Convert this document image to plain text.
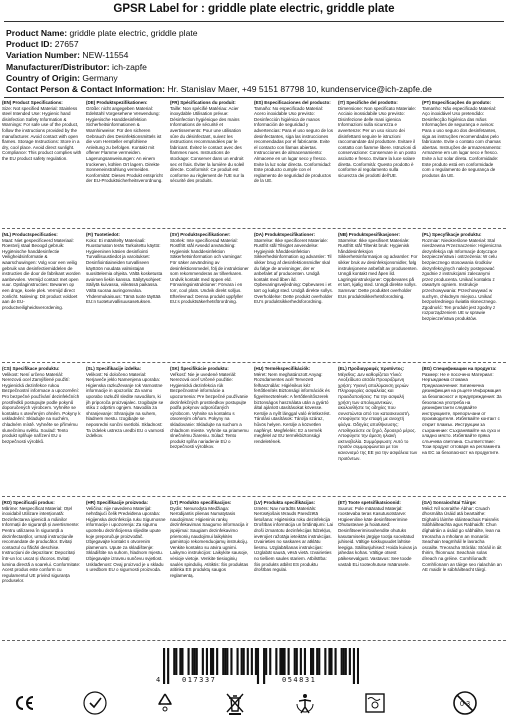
GPSR Label for : griddle plate electric, griddle plate
Product Name: griddle plate electric, griddle plate
Product ID: 27657
Variation Number: NEW-11554
Manufacturer/Distributor: ich-zapfe
Country of Origin: Germany
Contact Person & Contact Information: Hr. Stanislav Maer, +49 5151 87798 10, kundenservice@ich-zapfe.de
(EN) Product Specifications:
Size: Not specified Material: Stainless steel Intended Use: Hygienic hand disinfection Safety Information & Warnings: For safe use of the product, follow the instructions provided by the manufacturer. Avoid contact with open flames. Storage Instructions: Store in a dry, cool place. Avoid direct sunlight. Compliance: This product complies with the EU product safety regulation.
(DE) Produktspezifikationen:
Größe: nicht angegeben Material: Edelstahl Vorgesehene Verwendung: Hygienische Handdesinfektion Sicherheitsinformationen & Warnhinweise: Für den sicheren Gebrauch des Desinfektionsmittels ist die vom Hersteller empfohlene Anleitung zu befolgen. Kontakt mit offener Flamme vermeiden. Lagerungsanweisungen: An einem trockenen, kühlen Ort lagern. Direkte Sonneneinstrahlung vermeiden. Konformität: Dieses Produkt entspricht der EU-Produktsicherheitsverordnung.
(FR) Spécifications du produit:
Taille: Non spécifié Matériau: Acier inoxydable Utilisation prévue: Désinfection hygiénique des mains Informations de sécurité et avertissements: Pour une utilisation sûre du désinfectant, suivez les instructions recommandées par le fabricant. Évitez le contact avec des flammes nues. Instructions de stockage: Conserver dans un endroit sec et frais. Éviter la lumière du soleil directe. Conformité: Ce produit est conforme au règlement de l'UE sur la sécurité des produits.
(ES) Especificaciones del producto:
Tamaño: No especificado Material: Acero inoxidable Uso previsto: Desinfección higiénica de manos Información de seguridad y advertencias: Para el uso seguro de los desinfectantes, siga las instrucciones recomendadas por el fabricante. Evite el contacto con llamas abiertas. Instrucciones de almacenamiento: Almacene en un lugar seco y fresco. Evite la luz solar directa. Conformidad: Este producto cumple con el reglamento de seguridad de productos de la UE.
(IT) Specifiche del prodotto:
Dimensione: Non specificato Materiale: Acciaio inossidabile Uso previsto: Disinfezione delle mani igienica Informazioni sulla sicurezza e avvertenze: Per un uso sicuro dei disinfettanti seguire le istruzioni raccomandate dal produttore. Evitare il contatto con fiamme libere. Istruzioni di conservazione: Conservare in un posto asciutto e fresco. Evitare la luce solare diretta. Conformità: Questo prodotto è conforme al regolamento sulla sicurezza dei prodotti dell'UE.
(PT) Especificações do produto:
Tamanho: Não especificado Material: Aço inoxidável Uso pretendido: Desinfecção higiénica das mãos Informações de segurança e avisos: Para o uso seguro dos desinfetantes, siga as instruções recomendadas pelo fabricante. Evite o contato com chamas abertas. Instruções de armazenamento: Armazene em um lugar seco e fresco. Evite a luz solar direta. Conformidade: Este produto está em conformidade com o regulamento de segurança de produtos da UE.
(NL) Productspecificaties:
Maat: Niet gespecificeerd Materiaal: Roestvrij staal Beoogd gebruik: Hygiënische handdesinfectie Veiligheidsinformatie & waarschuwingen: Volg voor een veilig gebruik van desinfectiemiddelen de instructies die door de fabrikant worden aanbevolen. Vermijd contact met open vuur. Opslaginstructies: Bewaren op een droge, koele plek. Vermijd direct zonlicht. Naleving: Dit product voldoet aan de EU-productveiligheidsverordening.
(FI) Tuotetiedot:
Koko: Ei määritelty Materiaali: Ruostumaton teräs Tarkoitettu käyttö: Hygieeninen käsien desinfiointi Turvallisuustiedot ja varoitukset: Desinfiointiaineiden turvalliseen käyttöön noudata valmistajan suosittelemia ohjeita. Vältä kosketusta avoimen liekin kanssa. Säilytysohjeet: Säilytä kuivassa, viileässä paikassa. Vältä suoraa auringonvaloa. Yhdenmukaisuus: Tämä tuote täyttää EU:n tuoteturvallisuusasetuksen.
(SV) Produktspecifikationer:
Storlek: Inte specificerad Material: Rostfritt stål Avsedd användning: Hygienisk handdesinfektion Säkerhetsinformation och varningar: För säker användning av desinfektionsmedel, följ de instruktioner som rekommenderas av tillverkaren. Undvik kontakt med öppen eld. Förvaringsinstruktioner: Förvara i en torr, cool plats. Undvik direkt solljus. Efterlevnad: Denna produkt uppfyller EU:s produktsäkerhetsförordning.
(DA) Produktspecifikationer:
Størrelse: Ikke specificeret Materiale: Rustfrit stål Tilsigtet anvendelse: Hygiejnisk hånddesinfektion Sikkerhedsinformation og advarsler: Til sikker brug af desinfektionsmidler skal du følge de anvisninger, der er anbefalet af producenten. Undgå kontakt med åben ild. Opbevaringsvejledning: Opbevares i et tørt og køligt sted. Undgå direkte sollys. Overholdelse: Dette produkt overholder EU's produktsikkerhedsforordning.
(NB) Produktspesifikasjoner:
Størrelse: Ikke spesifisert Materiale: Rustfritt stål Tiltenkt bruk: Hygienisk hånddesinfeksjon Sikkerhetsinformasjon og advarsler: For sikker bruk av desinfeksjonsmidler, følg instruksjonene anbefalt av produsenten. Unngå kontakt med åpen ild. Lagringsinstruksjoner: Oppbevares på et tørt, kjølig sted. Unngå direkte sollys. Samsvar: Dette produktet overholder EUs produktsikkerhetsforordning.
(PL) Specyfikacje produktu:
Rozmiar: Nieokreślone Materiał: Stal nierdzewna Przeznaczenie: Higieniczna dezynfekcja rąk Informacje dotyczące bezpieczeństwa i ostrzeżenia: W celu bezpiecznego stosowania środków dezynfekcyjnych należy postępować zgodnie z instrukcjami zalecanymi przez producenta. Unikać kontaktu z otwartym ogniem. Instrukcje przechowywania: Przechowywać w suchym, chłodnym miejscu. Unikać bezpośredniego światła słonecznego. Zgodność: Ten produkt jest zgodny z rozporządzeniem UE w sprawie bezpieczeństwa produktów.
(CS) Specifikace produktu:
Velikost: Není určeno Materiál: Nerezová ocel Zamýšlené použití: Hygienická dezinfekce rukou Bezpečnostní informace a upozornění: Pro bezpečné používání dezinfekčních prostředků postupujte podle pokynů doporučených výrobcem. Vyhněte se kontaktu s otevřeným ohněm. Pokyny k uskladnění: Skladujte na suchém, chladném místě. Vyhněte se přímému slunečnímu světlu. Soulad: Tento produkt splňuje nařízení EU o bezpečnosti výrobků.
(SL) Specifikacije izdelka:
Velikost: Ni določeno Material: Nerjaveče jeklo Namenjena uporaba: Higienska razkuževanje rok Varnostne informacije in opozorila: Za varno uporabo razkužil sledite navodilom, ki jih priporoča proizvajalec. Izogibajte se stiku z odprtim ognjem. Navodila za shranjevanje: Shranjujte na suhem, hladnem mestu. Izogibajte se neposredni sončni svetlobi. Skladnost: Ta izdelek ustreza uredbi EU o varnosti izdelkov.
(SK) Špecifikácie produktu:
Veľkosť: Nie je uvedené Materiál: Nerezová oceľ Určené použitie: Hygienická dezinfekcia rúk Bezpečnostné informácie a upozornenia: Pre bezpečné používanie dezinfekčných prostriedkov postupujte podľa pokynov odporúčaných výrobcom. Vyhnite sa kontaktu s otvoreným ohňom. Pokyny na skladovanie: Skladujte na suchom a chladnom mieste. Vyhnite sa priamemu slnečnému žiareniu. Súlad: Tento produkt spĺňa nariadenie EÚ o bezpečnosti výrobkov.
(HU) Termékspecifikációk:
Méret: Nem meghatározott Anyag: Rozsdamentes acél Tervezett felhasználás: Higiénikus kéz fertőtlenítés Biztonsági információk és figyelmeztetések: A fertőtlenítőszerek biztonságos használata után a gyártó által ajánlott utasításokat kövesse. Kerülje a nyílt lánggal való érintkezést. Tárolási utasítások: Tárolja száraz, hűvös helyen. Kerülje a közvetlen napfényt. Megfelelés: Ez a termék megfelel az EU termékbiztonsági rendeletének.
(EL) Προδιαγραφές προϊόντος:
Μέγεθος: Δεν καθορίζεται Υλικό: Ανοξείδωτο ατσάλι Προοριζόμενη χρήση: Υγιεινή απολύμανση χεριών Πληροφορίες ασφαλείας και προειδοποιήσεις: Για την ασφαλή χρήση των απολυμαντικών, ακολουθήστε τις οδηγίες που συνιστώνται από τον κατασκευαστή. Αποφύγετε την επαφή με ανοιχτή φλόγα. Οδηγίες αποθήκευσης: Αποθηκεύστε σε ξηρό, δροσερό μέρος. Αποφύγετε την άμεση ηλιακή ακτινοβολία. Συμμόρφωση: Αυτό το προϊόν συμμορφώνεται με τον κανονισμό της ΕΕ για την ασφάλεια των προϊόντων.
(BG) Спецификации на продукта:
Размер: Не е посочено Материал: Неръждаема стомана Предназначение: Хигиенична дезинфекция на ръцете Информация за безопасност и предупреждения: За безопасна употреба на дезинфектанти следвайте инструкциите, препоръчани от производителя. Избягвайте контакт с открит пламък. Инструкции за съхранение: Съхранявайте на сухо и хладно място. Избягвайте пряка слънчева светлина. Съответствие: Този продукт отговаря на регламента на ЕС за безопасност на продуктите.
(RO) Specificații produs:
Mărime: Nespecificat Material: Oțel inoxidabil Utilizare intenționată: Dezinfectarea igienică a mâinilor Informații de siguranță și avertismente: Pentru utilizarea în siguranță a dezinfectanților, urmați instrucțiunile recomandate de producător. Evitați contactul cu flăcări deschise. Instrucțiuni de depozitare: Depozitați într-un loc uscat și răcoros. Evitați lumina directă a soarelui. Conformitate: Acest produs este conform cu regulamentul UE privind siguranța produselor.
(HR) Specifikacije proizvoda:
Veličina: nije navedeno Materijal: nehrđajući čelik Predviđena uporaba: Higijenska dezinfekcija ruku Sigurnosne informacije i upozorenja: Za sigurnu upotrebu dezinficijensa slijedite upute koje preporučuje proizvođač. Izbjegavajte kontakt s otvorenim plamenom. Upute za skladištenje: Skladištite na suhom, hladnom mjestu. Izbjegavajte izravnu sunčevu svjetlost. Usklađenost: Ovaj proizvod je u skladu s uredbom EU o sigurnosti proizvoda.
(LT) Produkto specifikacijos:
Dydis: Nenurodyta Medžiaga: Nerūdijantis plienas Numatytasis naudojimas: Higieninis rankų dezinfekavimas Saugumo informacija ir įspėjimai: Saugiam dezinfekavimo priemonių naudojimui laikykitės gamintojo rekomenduojamų instrukcijų. Venkite kontakto su atvira ugnimi. Laikymo instrukcijos: Laikykite sausoje, vėsioje vietoje. Venkite tiesioginių saulės spindulių. Atitiktis: Šis produktas atitinka ES produktų saugos reglamentą.
(LV) Produkta specifikācijas:
Izmērs: Nav norādīts Materiāls: Nerūsējošais tērauds Paredzētā lietošana: Higiēniska roku dezinfekcija Drošības informācija un brīdinājumi: Lai droši izmantotu dezinfekcijas līdzekļus, ievērojiet ražotāja ieteiktās instrukcijas. Izvairieties no saskares ar atklātu liesmu. Uzglabāšanas instrukcijas: Uzglabāt sausā, vēsā vietā. Izvairieties no tiešiem saules stariem. Atbilstība: Šis produkts atbilst ES produktu drošības regulai.
(ET) Toote spetsifikatsioonid:
Suurus: Pole määratud Materjal: roostevaba teras Kasutusotstarve: Hügieeniline käte desinfitseerimine Ohutusteave ja hoiatused: Desinfitseerimisvahendite ohutuks kasutamiseks järgige tootja soovitatud juhiseid. Vältige kokkupuudet lahtise leegiga. Säilitusjuhised: Hoida kuivas ja jahedas kohas. Vältige otsest päikesevalgust. Vastavus: See toode vastab ELi tooteohutuse määrusele.
(GA) Sonraíochtaí Táirge:
Méid: Níl sonraithe Ábhar: Cruach dhosmálta Úsáid atá beartaithe: Díghalrú láimhe sláinteachais Faisnéis Sábháilteachta agus Rabhaidh: Chun díghalráin a úsáid go sábháilte, lean na treoracha a mholann an monaróir. Seachain teagmháil le lasracha oscailte. Treoracha Stórála: Stóráil in áit thirim, fhionnuar. Seachain solas díreach na gréine. Comhlíonadh: Comhlíonann an táirge seo rialachán an AE maidir le sábháilteacht táirgí.
4	017337	054831
0-3
